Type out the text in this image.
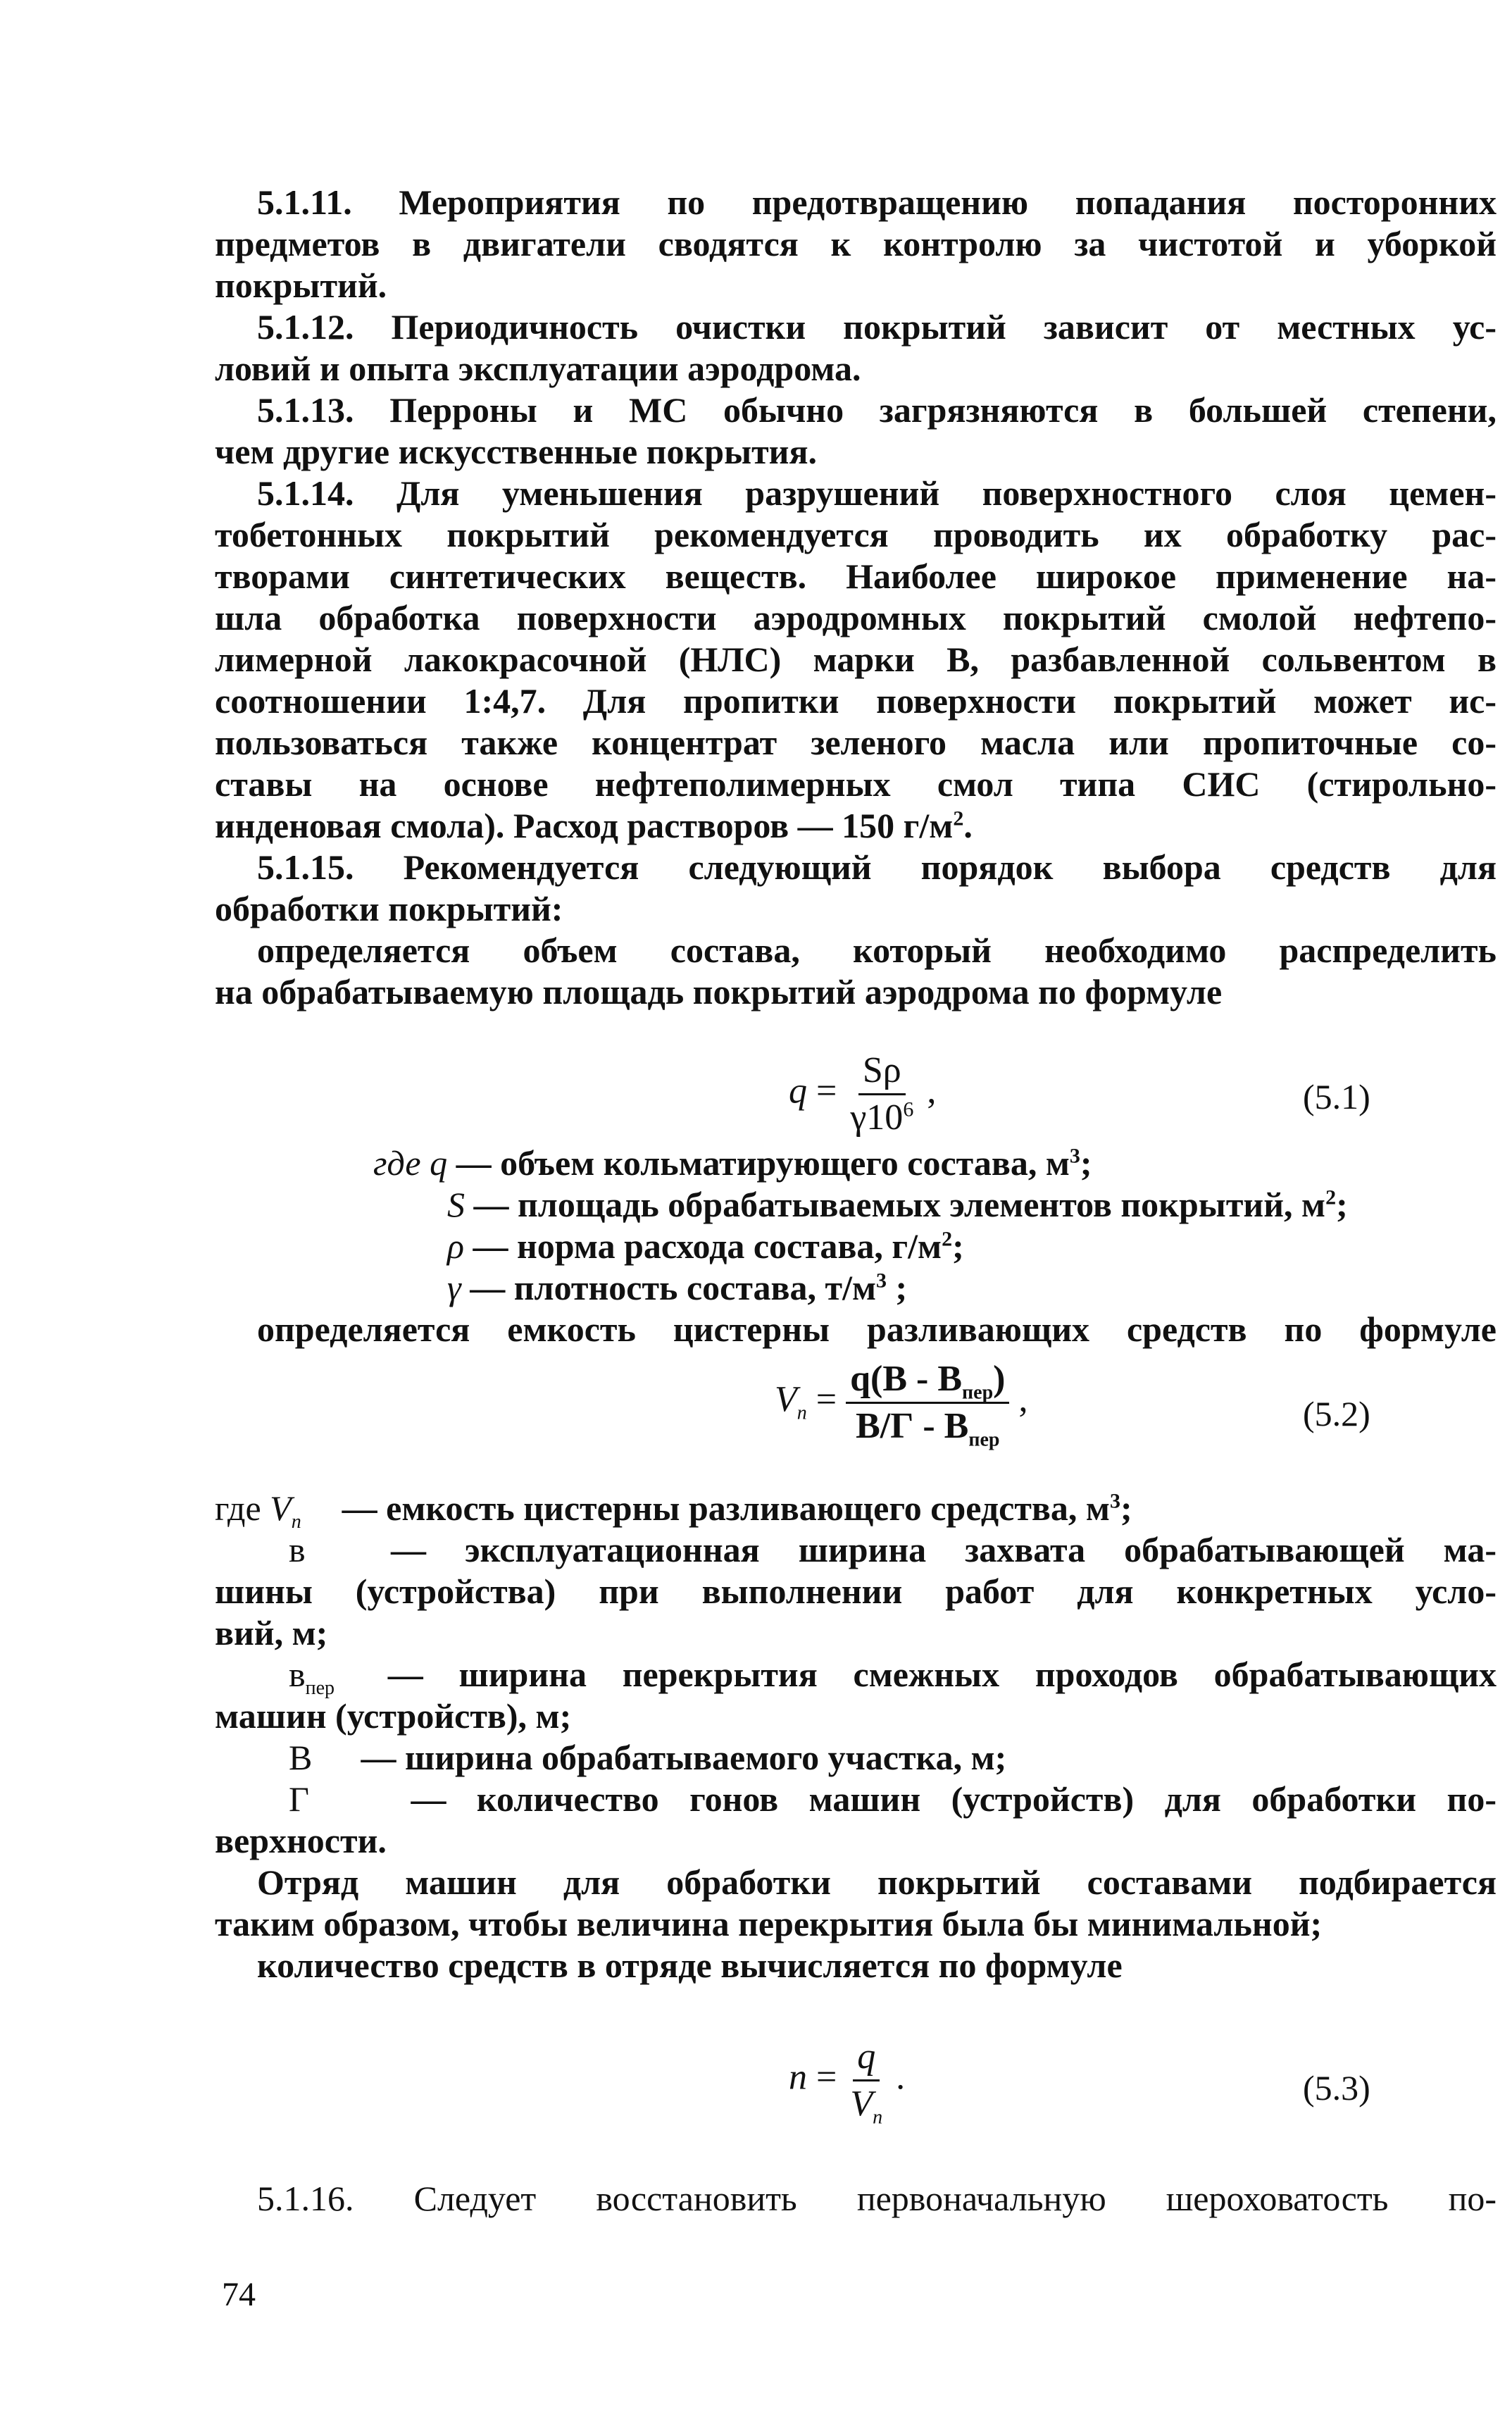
5.1.11. Мероприятия по предотвращению попадания посторонних
предметов в двигатели сводятся к контролю за чистотой и уборкой
покрытий.
5.1.12. Периодичность очистки покрытий зависит от местных ус-
ловий и опыта эксплуатации аэродрома.
5.1.13. Перроны и МС обычно загрязняются в большей степени,
чем другие искусственные покрытия.
5.1.14. Для уменьшения разрушений поверхностного слоя цемен-
тобетонных покрытий рекомендуется проводить их обработку рас-
творами синтетических веществ. Наиболее широкое применение на-
шла обработка поверхности аэродромных покрытий смолой нефтепо-
лимерной лакокрасочной (НЛС) марки В, разбавленной сольвентом в
соотношении 1:4,7. Для пропитки поверхности покрытий может ис-
пользоваться также концентрат зеленого масла или пропиточные со-
ставы на основе нефтеполимерных смол типа СИС (стирольно-
инденовая смола). Расход растворов — 150 $г/м^2$.
5.1.15. Рекомендуется следующий порядок выбора средств для
обработки покрытий:
определяется объем состава, который необходимо распределить
на обрабатываемую площадь покрытий аэродрома по формуле
$q = \frac{S\rho}{\gamma 10^6}$ ,	(5.1)
где q — объем кольматирующего состава, $м^3$;
S — площадь обрабатываемых элементов покрытий, $м^2$;
ρ — норма расхода состава, $г/м^2$;
γ — плотность состава, $т/м^3$ ;
определяется емкость цистерны разливающих средств по формуле
$V_п = \frac{q(В - В_{пер})}{В/Г - В_{пер}}$ ,	(5.2)
где $V_п$ — емкость цистерны разливающего средства, $м^3$;
в — эксплуатационная ширина захвата обрабатывающей ма-
шины (устройства) при выполнении работ для конкретных усло-
вий, м;
$в_{пер}$ — ширина перекрытия смежных проходов обрабатывающих
машин (устройств), м;
В — ширина обрабатываемого участка, м;
Г — количество гонов машин (устройств) для обработки по-
верхности.
Отряд машин для обработки покрытий составами подбирается
таким образом, чтобы величина перекрытия была бы минимальной;
количество средств в отряде вычисляется по формуле
$n = \frac{q}{V_п}$ .	(5.3)
5.1.16. Следует восстановить первоначальную шероховатость по-
74
